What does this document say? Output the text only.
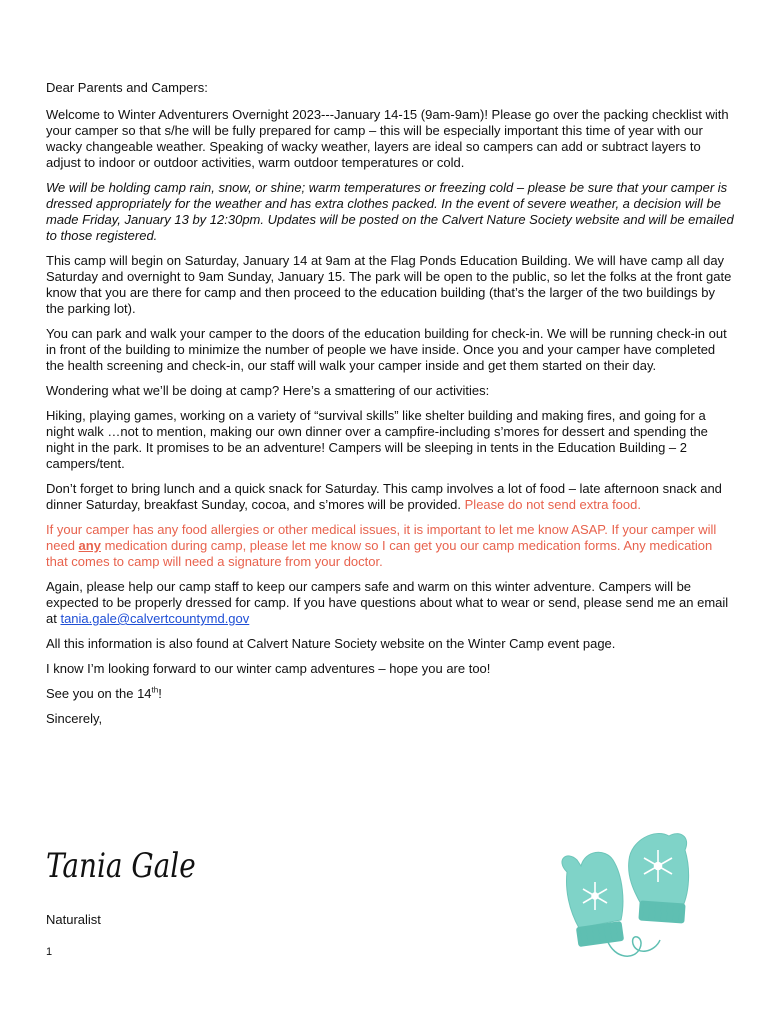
Dear Parents and Campers:

Welcome to Winter Adventurers Overnight 2023---January 14-15 (9am-9am)! Please go over the packing checklist with your camper so that s/he will be fully prepared for camp – this will be especially important this time of year with our wacky changeable weather. Speaking of wacky weather, layers are ideal so campers can add or subtract layers to adjust to indoor or outdoor activities, warm outdoor temperatures or cold.

We will be holding camp rain, snow, or shine; warm temperatures or freezing cold – please be sure that your camper is dressed appropriately for the weather and has extra clothes packed. In the event of severe weather, a decision will be made Friday, January 13 by 12:30pm. Updates will be posted on the Calvert Nature Society website and will be emailed to those registered.

This camp will begin on Saturday, January 14 at 9am at the Flag Ponds Education Building. We will have camp all day Saturday and overnight to 9am Sunday, January 15. The park will be open to the public, so let the folks at the front gate know that you are there for camp and then proceed to the education building (that’s the larger of the two buildings by the parking lot).

You can park and walk your camper to the doors of the education building for check-in. We will be running check-in out in front of the building to minimize the number of people we have inside. Once you and your camper have completed the health screening and check-in, our staff will walk your camper inside and get them started on their day.

Wondering what we’ll be doing at camp? Here’s a smattering of our activities:

Hiking, playing games, working on a variety of “survival skills” like shelter building and making fires, and going for a night walk …not to mention, making our own dinner over a campfire-including s’mores for dessert and spending the night in the park. It promises to be an adventure! Campers will be sleeping in tents in the Education Building – 2 campers/tent.

Don’t forget to bring lunch and a quick snack for Saturday. This camp involves a lot of food – late afternoon snack and dinner Saturday, breakfast Sunday, cocoa, and s’mores will be provided. Please do not send extra food.

If your camper has any food allergies or other medical issues, it is important to let me know ASAP. If your camper will need any medication during camp, please let me know so I can get you our camp medication forms. Any medication that comes to camp will need a signature from your doctor.

Again, please help our camp staff to keep our campers safe and warm on this winter adventure. Campers will be expected to be properly dressed for camp. If you have questions about what to wear or send, please send me an email at tania.gale@calvertcountymd.gov

All this information is also found at Calvert Nature Society website on the Winter Camp event page.

I know I’m looking forward to our winter camp adventures – hope you are too!

See you on the 14th!

Sincerely,

Tania Gale
Naturalist
1
